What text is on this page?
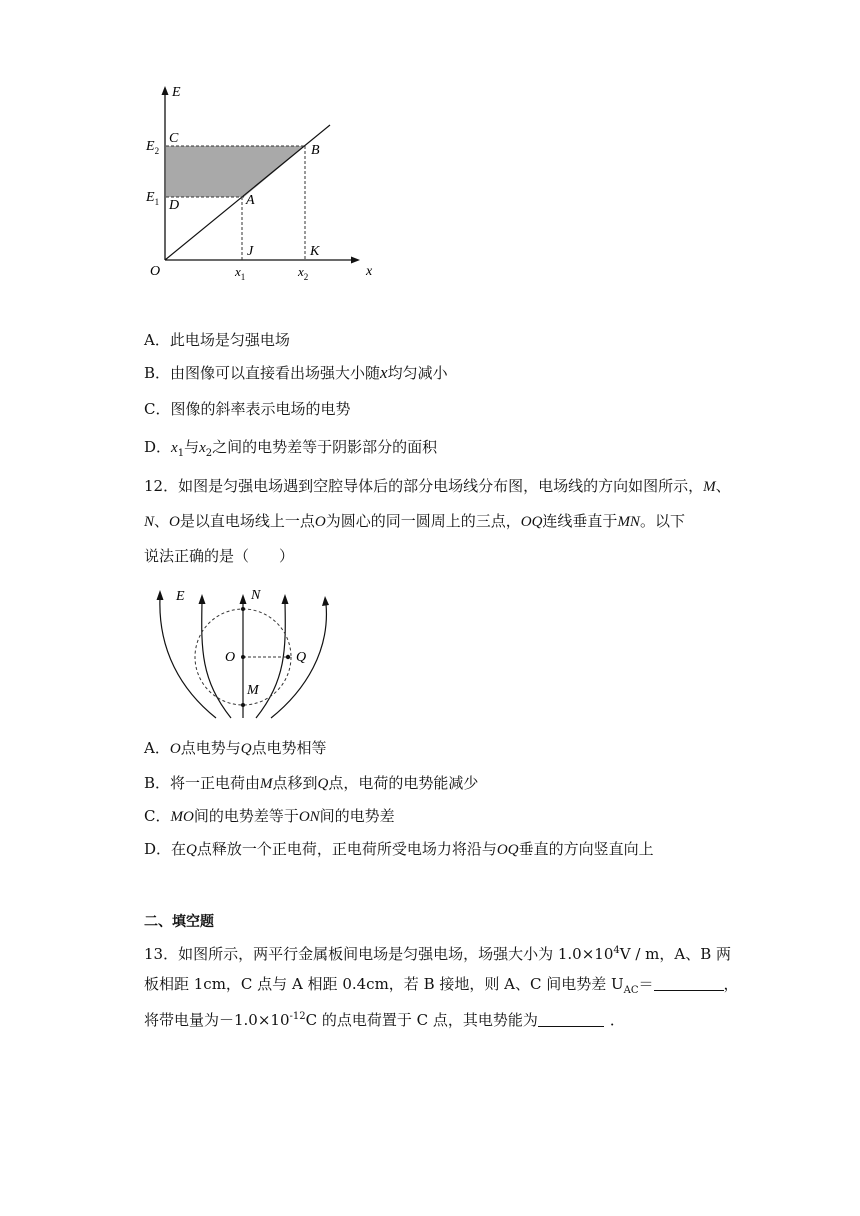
E
C
$E_2$	B
$E_1$ D	A
J	K
O	$x_1$	$x_2$	x
A．此电场是匀强电场
B．由图像可以直接看出场强大小随x均匀减小
C．图像的斜率表示电场的电势
D．$x_1$与$x_2$之间的电势差等于阴影部分的面积
12．如图是匀强电场遇到空腔导体后的部分电场线分布图，电场线的方向如图所示，M、
N、O是以直电场线上一点O为圆心的同一圆周上的三点，OQ连线垂直于MN。以下
说法正确的是（　　）
E	N
O	Q
M
A．O点电势与Q点电势相等
B．将一正电荷由M点移到Q点，电荷的电势能减少
C．MO间的电势差等于ON间的电势差
D．在Q点释放一个正电荷，正电荷所受电场力将沿与OQ垂直的方向竖直向上
二、填空题
13．如图所示，两平行金属板间电场是匀强电场，场强大小为 $1.0\times 10^4V / m$，A、B 两
板相距 1cm，C 点与 A 相距 0.4cm，若 B 接地，则 A、C 间电势差 $U_{AC}=$	，
将带电量为$-1.0\times 10^{-12}C$ 的点电荷置于 C 点，其电势能为	．
